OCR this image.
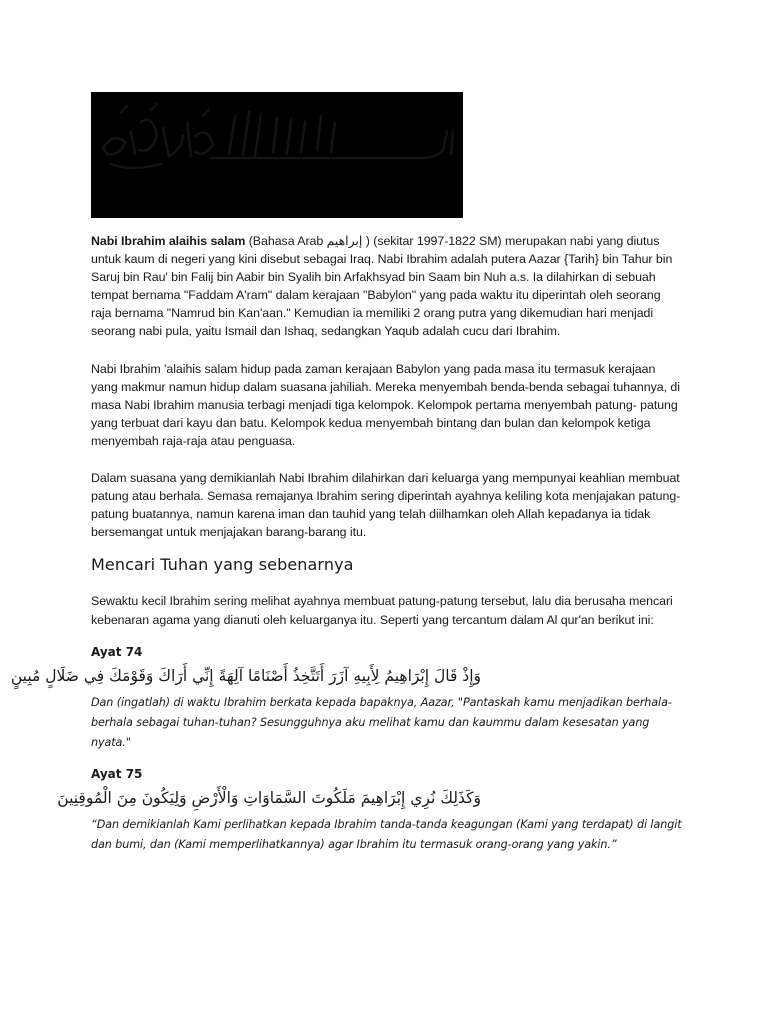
Nabi Ibrahim alaihis salam (Bahasa Arab إبراهيم ) (sekitar 1997-1822 SM) merupakan nabi yang diutus untuk kaum di negeri yang kini disebut sebagai Iraq. Nabi Ibrahim adalah putera Aazar {Tarih} bin Tahur bin Saruj bin Rau' bin Falij bin Aabir bin Syalih bin Arfakhsyad bin Saam bin Nuh a.s. Ia dilahirkan di sebuah tempat bernama "Faddam A'ram" dalam kerajaan "Babylon" yang pada waktu itu diperintah oleh seorang raja bernama "Namrud bin Kan'aan." Kemudian ia memiliki 2 orang putra yang dikemudian hari menjadi seorang nabi pula, yaitu Ismail dan Ishaq, sedangkan Yaqub adalah cucu dari Ibrahim.

Nabi Ibrahim 'alaihis salam hidup pada zaman kerajaan Babylon yang pada masa itu termasuk kerajaan yang makmur namun hidup dalam suasana jahiliah. Mereka menyembah benda-benda sebagai tuhannya, di masa Nabi Ibrahim manusia terbagi menjadi tiga kelompok. Kelompok pertama menyembah patung- patung yang terbuat dari kayu dan batu. Kelompok kedua menyembah bintang dan bulan dan kelompok ketiga menyembah raja-raja atau penguasa.

Dalam suasana yang demikianlah Nabi Ibrahim dilahirkan dari keluarga yang mempunyai keahlian membuat patung atau berhala. Semasa remajanya Ibrahim sering diperintah ayahnya keliling kota menjajakan patung-patung buatannya, namun karena iman dan tauhid yang telah diilhamkan oleh Allah kepadanya ia tidak bersemangat untuk menjajakan barang-barang itu.

Mencari Tuhan yang sebenarnya

Sewaktu kecil Ibrahim sering melihat ayahnya membuat patung-patung tersebut, lalu dia berusaha mencari kebenaran agama yang dianuti oleh keluarganya itu. Seperti yang tercantum dalam Al qur'an berikut ini:

Ayat 74

وَإِذْ قَالَ إِبْرَاهِيمُ لِأَبِيهِ آزَرَ أَتَتَّخِذُ أَصْنَامًا آلِهَةً إِنِّي أَرَاكَ وَقَوْمَكَ فِي ضَلَالٍ مُبِينٍ

Dan (ingatlah) di waktu Ibrahim berkata kepada bapaknya, Aazar, "Pantaskah kamu menjadikan berhala-berhala sebagai tuhan-tuhan? Sesungguhnya aku melihat kamu dan kaummu dalam kesesatan yang nyata."

Ayat 75

وَكَذَلِكَ نُرِي إِبْرَاهِيمَ مَلَكُوتَ السَّمَاوَاتِ وَالْأَرْضِ وَلِيَكُونَ مِنَ الْمُوقِنِينَ

“Dan demikianlah Kami perlihatkan kepada Ibrahim tanda-tanda keagungan (Kami yang terdapat) di langit dan bumi, dan (Kami memperlihatkannya) agar Ibrahim itu termasuk orang-orang yang yakin.”
